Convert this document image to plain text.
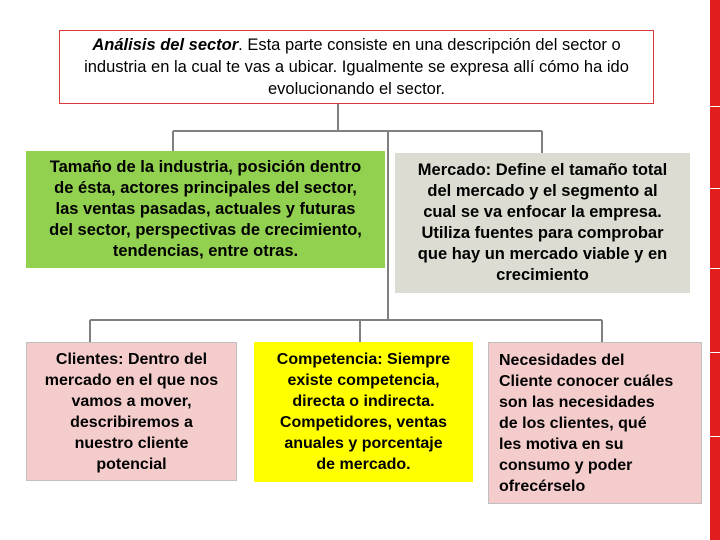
Análisis del sector. Esta parte consiste en una descripción del sector o industria en la cual te vas a ubicar. Igualmente se expresa allí cómo ha ido evolucionando el sector.
Tamaño de la industria, posición dentro
de ésta, actores principales del sector,
las ventas pasadas, actuales y futuras
del sector, perspectivas de crecimiento,
tendencias, entre otras.
Mercado: Define el tamaño total
del mercado y el segmento al
cual se va enfocar la empresa.
Utiliza fuentes para comprobar
que hay un mercado viable y en
crecimiento
Clientes: Dentro del
mercado en el que nos
vamos a mover,
describiremos a
nuestro cliente
potencial
Competencia: Siempre
existe competencia,
directa o indirecta.
Competidores, ventas
anuales y porcentaje
de mercado.
Necesidades del
Cliente conocer cuáles
son las necesidades
de los clientes, qué
les motiva en su
consumo y poder
ofrecérselo
